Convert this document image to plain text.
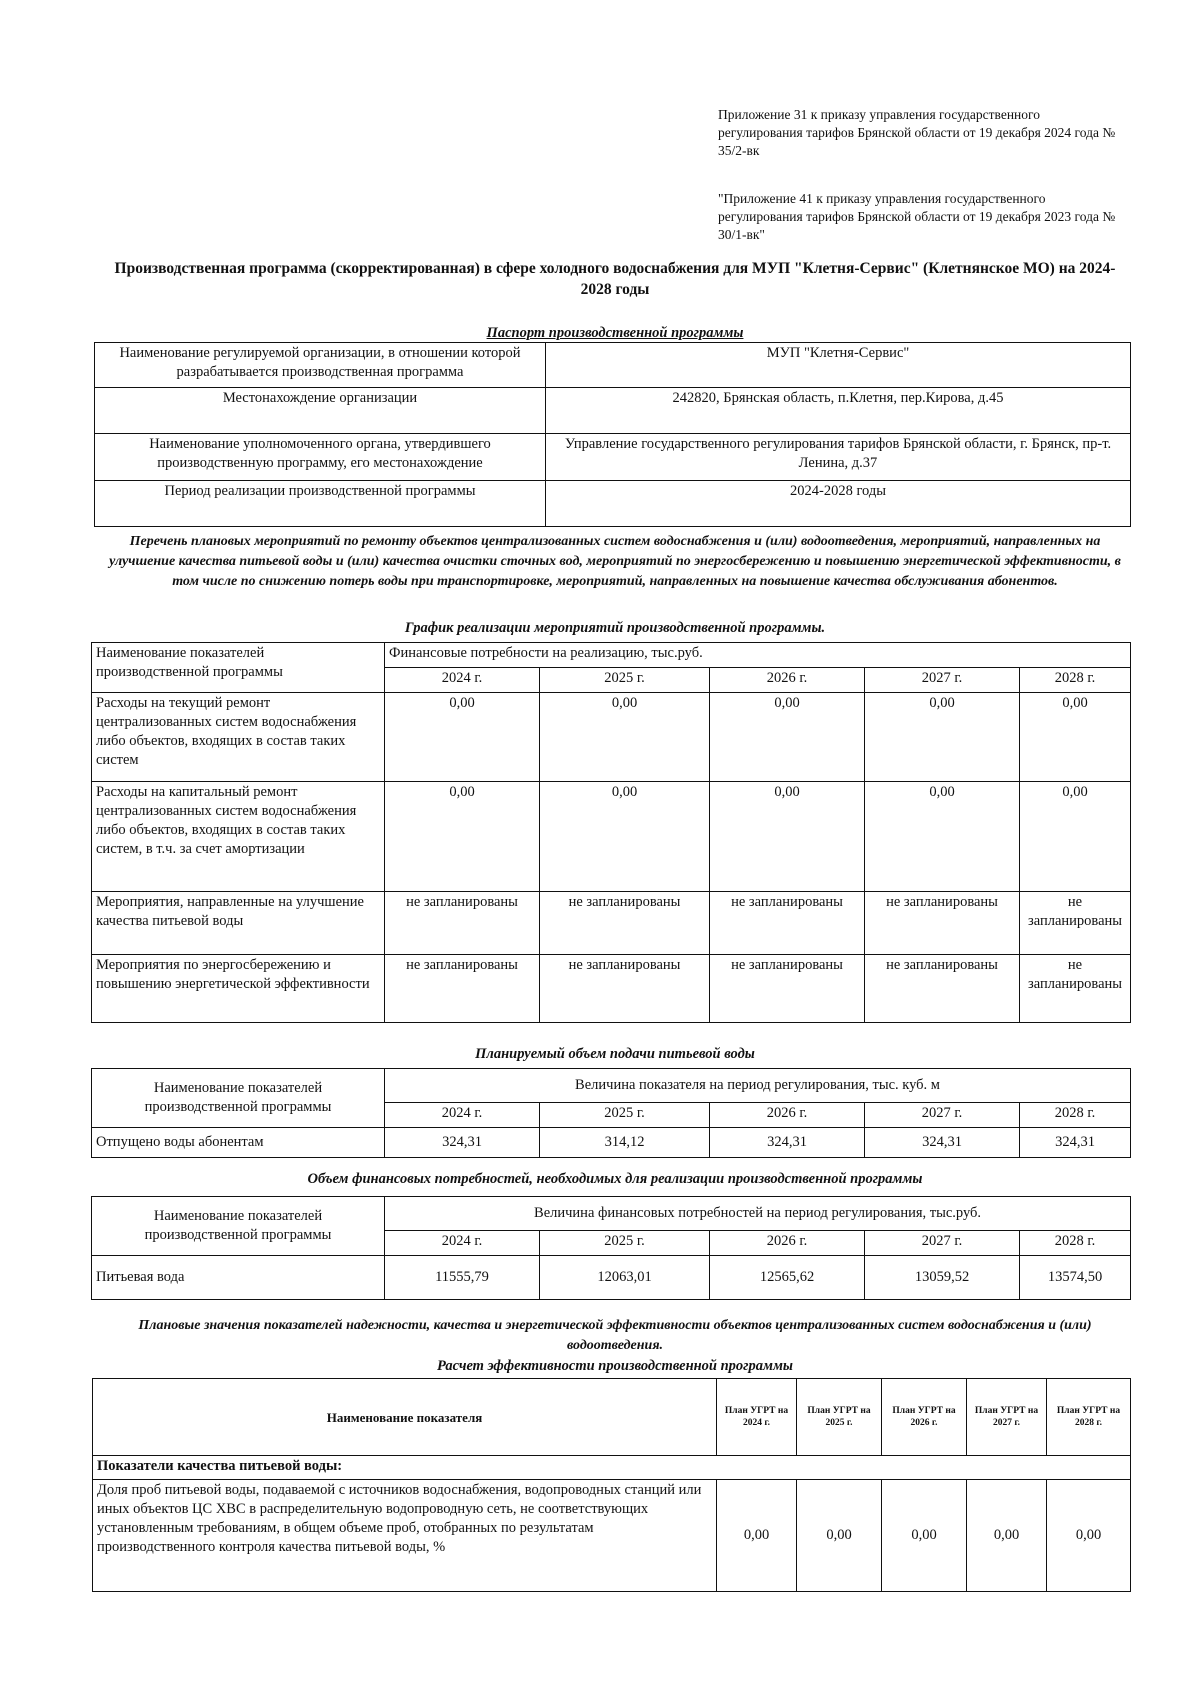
Приложение 31 к приказу управления государственного регулирования тарифов Брянской области от 19 декабря 2024 года № 35/2-вк
"Приложение 41 к приказу управления государственного регулирования тарифов Брянской области от 19 декабря 2023 года № 30/1-вк"
Производственная программа (скорректированная) в сфере холодного водоснабжения для МУП "Клетня-Сервис" (Клетнянское МО) на 2024-2028 годы
Паспорт производственной программы
Наименование регулируемой организации, в отношении которой разрабатывается производственная программа	МУП "Клетня-Сервис"
Местонахождение организации	242820, Брянская область, п.Клетня, пер.Кирова, д.45
Наименование уполномоченного органа, утвердившего производственную программу, его местонахождение	Управление государственного регулирования тарифов Брянской области, г. Брянск, пр-т. Ленина, д.37
Период реализации производственной программы	2024-2028 годы
Перечень плановых мероприятий по ремонту объектов централизованных систем водоснабжения и (или) водоотведения, мероприятий, направленных на улучшение качества питьевой воды и (или) качества очистки сточных вод, мероприятий по энергосбережению и повышению энергетической эффективности, в том числе по снижению потерь воды при транспортировке, мероприятий, направленных на повышение качества обслуживания абонентов.
График реализации мероприятий производственной программы.
Наименование показателей производственной программы	Финансовые потребности на реализацию, тыс.руб.				
	2024 г.	2025 г.	2026 г.	2027 г.	2028 г.
Расходы на текущий ремонт централизованных систем водоснабжения либо объектов, входящих в состав таких систем	0,00	0,00	0,00	0,00	0,00
Расходы на капитальный ремонт централизованных систем водоснабжения либо объектов, входящих в состав таких систем, в т.ч. за счет амортизации	0,00	0,00	0,00	0,00	0,00
Мероприятия, направленные на улучшение качества питьевой воды	не запланированы	не запланированы	не запланированы	не запланированы	не запланированы
Мероприятия по энергосбережению и повышению энергетической эффективности	не запланированы	не запланированы	не запланированы	не запланированы	не запланированы
Планируемый объем подачи питьевой воды
Наименование показателей производственной программы	Величина показателя на период регулирования, тыс. куб. м				
	2024 г.	2025 г.	2026 г.	2027 г.	2028 г.
Отпущено воды абонентам	324,31	314,12	324,31	324,31	324,31
Объем финансовых потребностей, необходимых для реализации производственной программы
Наименование показателей производственной программы	Величина финансовых потребностей на период регулирования, тыс.руб.				
	2024 г.	2025 г.	2026 г.	2027 г.	2028 г.
Питьевая вода	11555,79	12063,01	12565,62	13059,52	13574,50
Плановые значения показателей надежности, качества и энергетической эффективности объектов централизованных систем водоснабжения и (или) водоотведения.
Расчет эффективности производственной программы
Наименование показателя	План УГРТ на 2024 г.	План УГРТ на 2025 г.	План УГРТ на 2026 г.	План УГРТ на 2027 г.	План УГРТ на 2028 г.
Показатели качества питьевой воды:					
Доля проб питьевой воды, подаваемой с источников водоснабжения, водопроводных станций или иных объектов ЦС ХВС в распределительную водопроводную сеть, не соответствующих установленным требованиям, в общем объеме проб, отобранных по результатам производственного контроля качества питьевой воды, %	0,00	0,00	0,00	0,00	0,00
